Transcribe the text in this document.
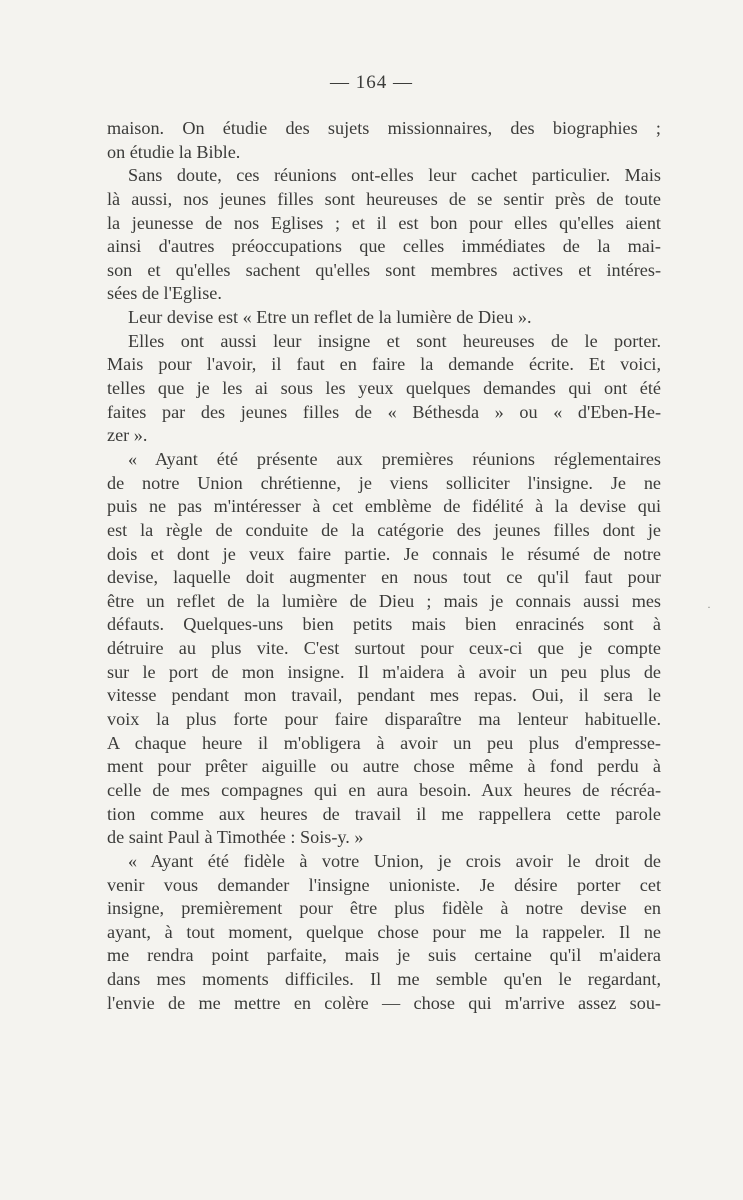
— 164 —
maison. On étudie des sujets missionnaires, des biographies ;
on étudie la Bible.
Sans doute, ces réunions ont-elles leur cachet particulier. Mais
là aussi, nos jeunes filles sont heureuses de se sentir près de toute
la jeunesse de nos Eglises ; et il est bon pour elles qu'elles aient
ainsi d'autres préoccupations que celles immédiates de la mai-
son et qu'elles sachent qu'elles sont membres actives et intéres-
sées de l'Eglise.
Leur devise est « Etre un reflet de la lumière de Dieu ».
Elles ont aussi leur insigne et sont heureuses de le porter.
Mais pour l'avoir, il faut en faire la demande écrite. Et voici,
telles que je les ai sous les yeux quelques demandes qui ont été
faites par des jeunes filles de « Béthesda » ou « d'Eben-He-
zer ».
« Ayant été présente aux premières réunions réglementaires
de notre Union chrétienne, je viens solliciter l'insigne. Je ne
puis ne pas m'intéresser à cet emblème de fidélité à la devise qui
est la règle de conduite de la catégorie des jeunes filles dont je
dois et dont je veux faire partie. Je connais le résumé de notre
devise, laquelle doit augmenter en nous tout ce qu'il faut pour
être un reflet de la lumière de Dieu ; mais je connais aussi mes
défauts. Quelques-uns bien petits mais bien enracinés sont à
détruire au plus vite. C'est surtout pour ceux-ci que je compte
sur le port de mon insigne. Il m'aidera à avoir un peu plus de
vitesse pendant mon travail, pendant mes repas. Oui, il sera le
voix la plus forte pour faire disparaître ma lenteur habituelle.
A chaque heure il m'obligera à avoir un peu plus d'empresse-
ment pour prêter aiguille ou autre chose même à fond perdu à
celle de mes compagnes qui en aura besoin. Aux heures de récréa-
tion comme aux heures de travail il me rappellera cette parole
de saint Paul à Timothée : Sois-y. »
« Ayant été fidèle à votre Union, je crois avoir le droit de
venir vous demander l'insigne unioniste. Je désire porter cet
insigne, premièrement pour être plus fidèle à notre devise en
ayant, à tout moment, quelque chose pour me la rappeler. Il ne
me rendra point parfaite, mais je suis certaine qu'il m'aidera
dans mes moments difficiles. Il me semble qu'en le regardant,
l'envie de me mettre en colère — chose qui m'arrive assez sou-
·
